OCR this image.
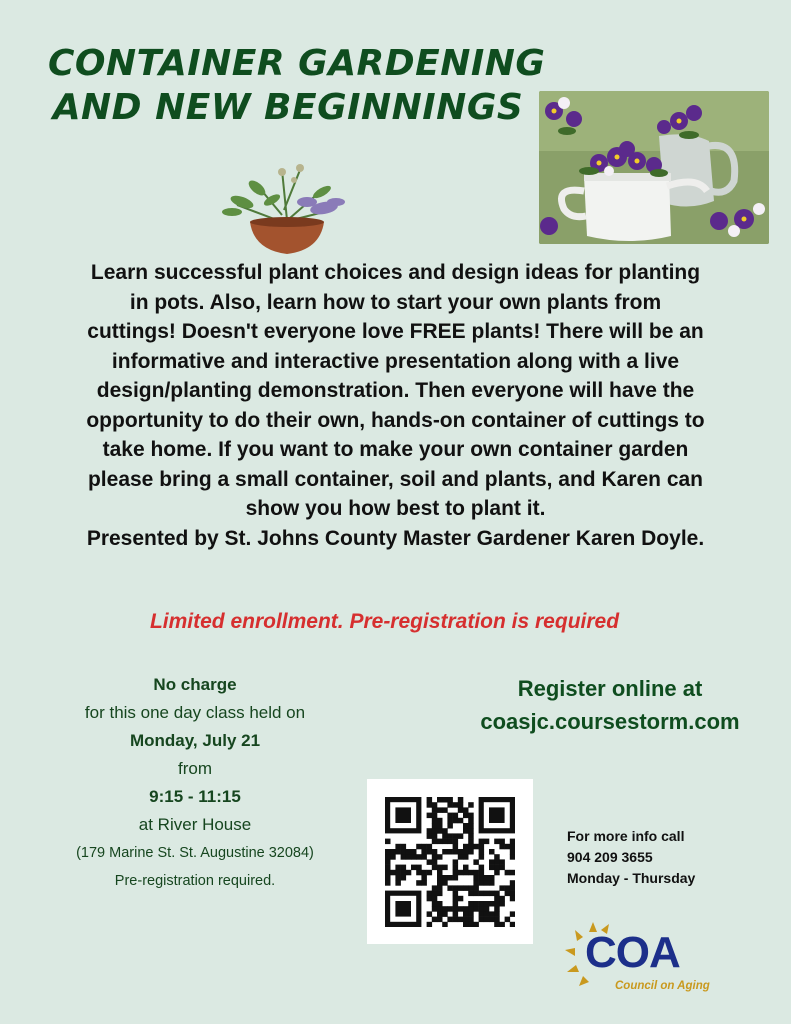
CONTAINER GARDENING
AND NEW BEGINNINGS
Learn successful plant choices and design ideas for planting
in pots. Also, learn how to start your own plants from
cuttings! Doesn't everyone love FREE plants! There will be an
informative and interactive presentation along with a live
design/planting demonstration. Then everyone will have the
opportunity to do their own, hands-on container of cuttings to
take home. If you want to make your own container garden
please bring a small container, soil and plants, and Karen can
show you how best to plant it.
Presented by St. Johns County Master Gardener Karen Doyle.
Limited enrollment. Pre-registration is required
No charge
for this one day class held on
Monday, July 21
from
9:15 - 11:15
at River House
(179 Marine St. St. Augustine 32084)
Pre-registration required.
Register online at
coasjc.coursestorm.com
For more info call
904 209 3655
Monday - Thursday
COA
Council on Aging
